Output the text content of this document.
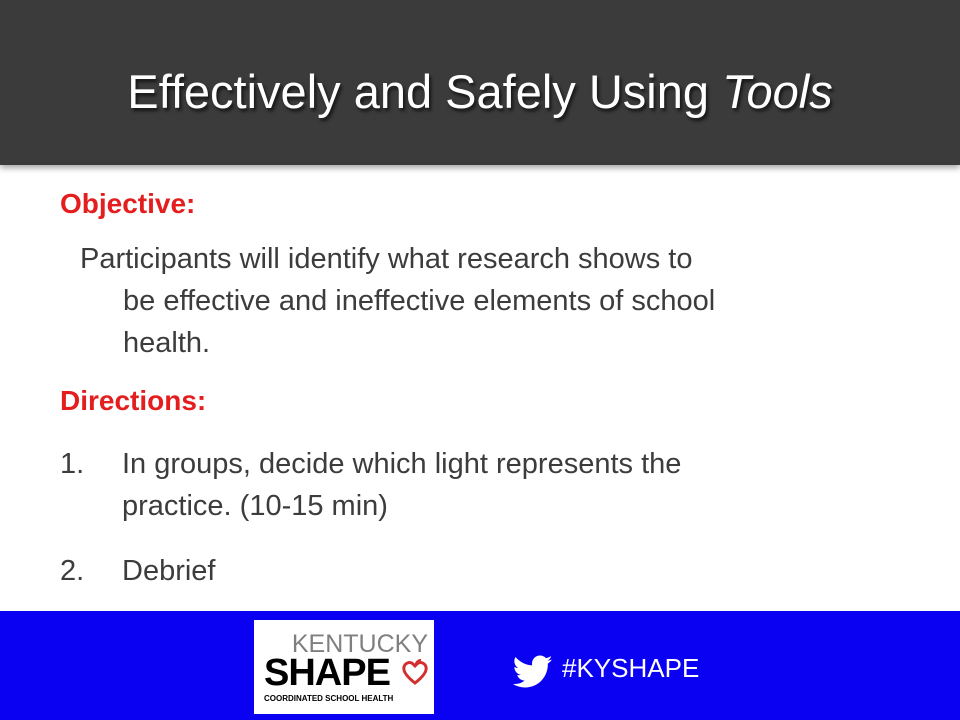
Effectively and Safely Using Tools
Objective:
Participants will identify what research shows to
be effective and ineffective elements of school
health.
Directions:
1.	In groups, decide which light represents the
practice. (10-15 min)
2.	Debrief
KENTUCKY
SHAPE
COORDINATED SCHOOL HEALTH
#KYSHAPE
